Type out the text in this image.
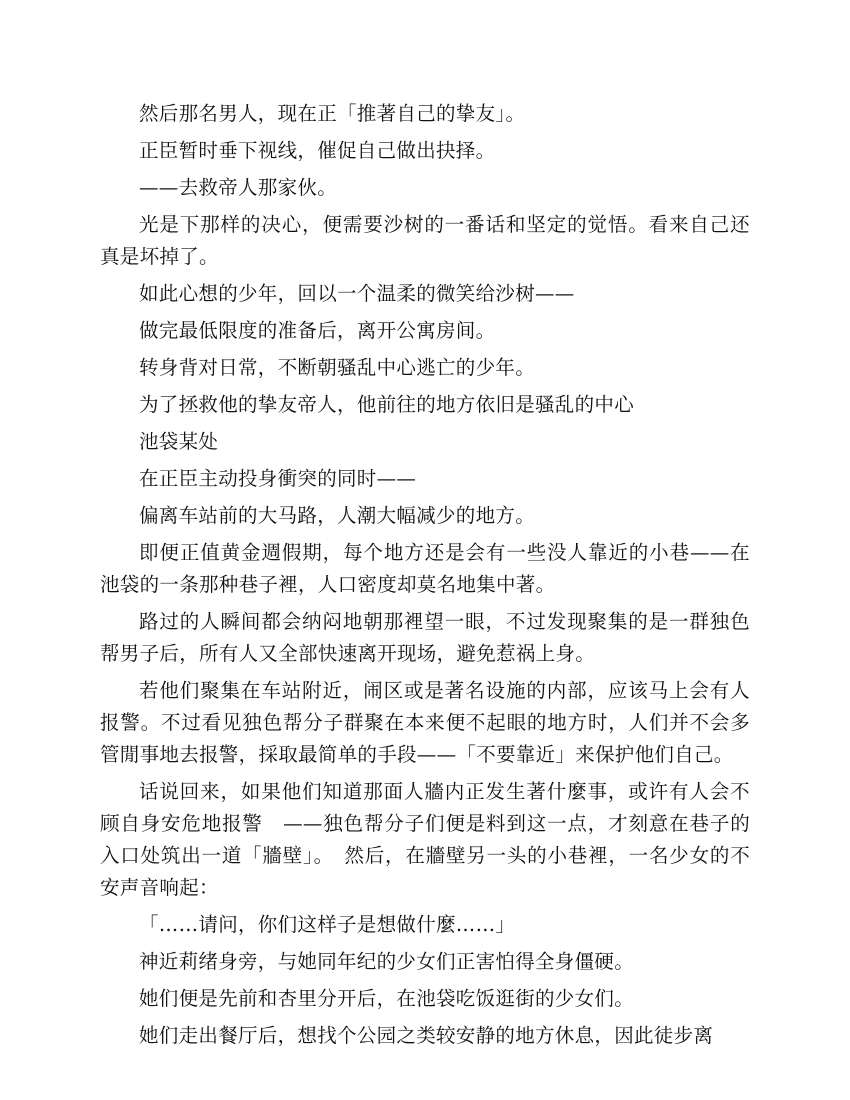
然后那名男人，现在正「推著自己的挚友」。

正臣暂时垂下视线，催促自己做出抉择。

——去救帝人那家伙。

光是下那样的决心，便需要沙树的一番话和坚定的觉悟。看来自己还真是坏掉了。

如此心想的少年，回以一个温柔的微笑给沙树——

做完最低限度的准备后，离开公寓房间。

转身背对日常，不断朝骚乱中心逃亡的少年。

为了拯救他的挚友帝人，他前往的地方依旧是骚乱的中心

池袋某处

在正臣主动投身衝突的同时——

偏离车站前的大马路，人潮大幅减少的地方。

即便正值黄金週假期，每个地方还是会有一些没人靠近的小巷——在池袋的一条那种巷子裡，人口密度却莫名地集中著。

路过的人瞬间都会纳闷地朝那裡望一眼，不过发现聚集的是一群独色帮男子后，所有人又全部快速离开现场，避免惹祸上身。

若他们聚集在车站附近，闹区或是著名设施的内部，应该马上会有人报警。不过看见独色帮分子群聚在本来便不起眼的地方时，人们并不会多管閒事地去报警，採取最简单的手段——「不要靠近」来保护他们自己。

话说回来，如果他们知道那面人牆内正发生著什麼事，或许有人会不顾自身安危地报警　——独色帮分子们便是料到这一点，才刻意在巷子的入口处筑出一道「牆壁」。　然后，在牆壁另一头的小巷裡，一名少女的不安声音响起：

「……请问，你们这样子是想做什麼……」

神近莉绪身旁，与她同年纪的少女们正害怕得全身僵硬。

她们便是先前和杏里分开后，在池袋吃饭逛街的少女们。

她们走出餐厅后，想找个公园之类较安静的地方休息，因此徒步离
